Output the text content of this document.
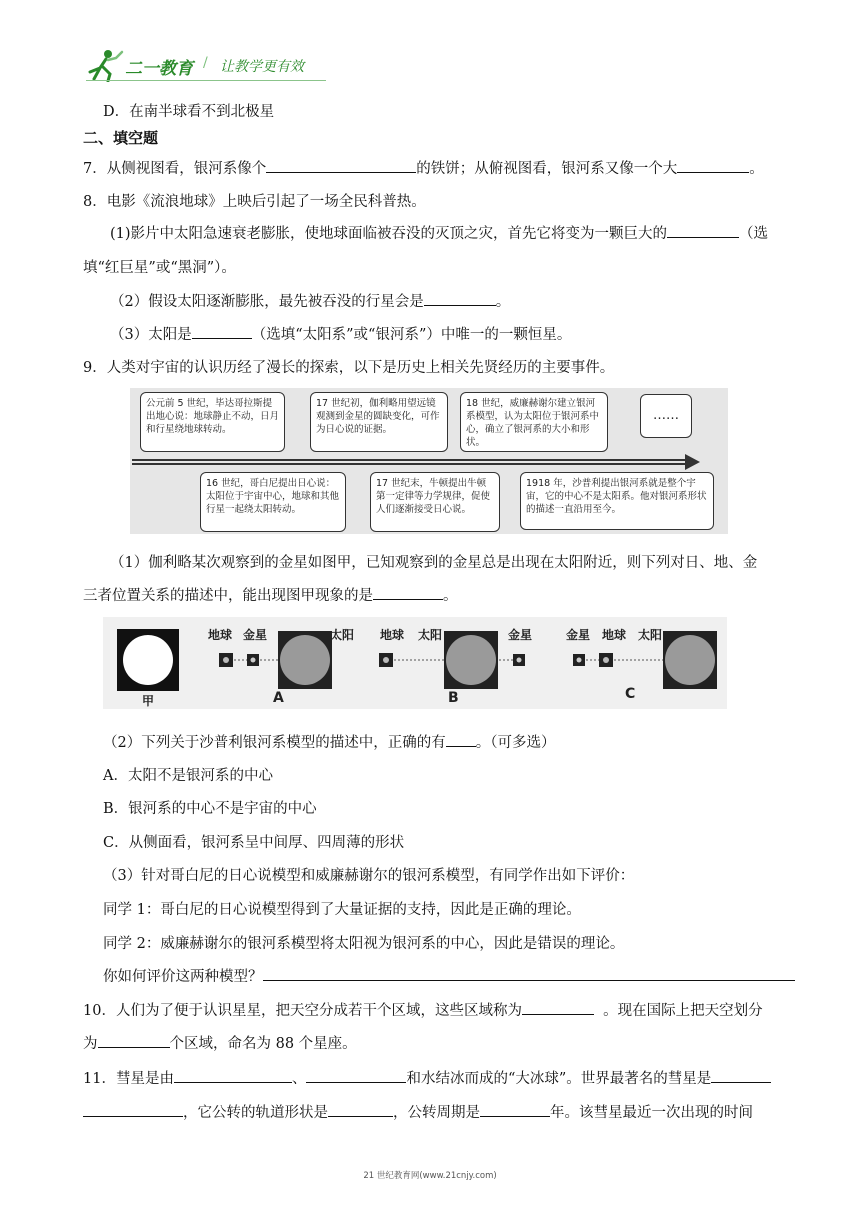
二一教育 / 让教学更有效
D．在南半球看不到北极星
二、填空题
7．从侧视图看，银河系像个	的铁饼；从俯视图看，银河系又像一个大	。
8．电影《流浪地球》上映后引起了一场全民科普热。
(1)影片中太阳急速衰老膨胀，使地球面临被吞没的灭顶之灾，首先它将变为一颗巨大的	（选
填“红巨星”或“黑洞”）。
（2）假设太阳逐渐膨胀，最先被吞没的行星会是	。
（3）太阳是	（选填“太阳系”或“银河系”）中唯一的一颗恒星。
9．人类对宇宙的认识历经了漫长的探索，以下是历史上相关先贤经历的主要事件。
公元前 5 世纪，毕达哥拉斯提出地心说：地球静止不动，日月和行星绕地球转动。
17 世纪初，伽利略用望远镜观测到金星的圆缺变化，可作为日心说的证据。
18 世纪，威廉赫谢尔建立银河系模型，认为太阳位于银河系中心，确立了银河系的大小和形状。
……
16 世纪，哥白尼提出日心说：太阳位于宇宙中心，地球和其他行星一起绕太阳转动。
17 世纪末，牛顿提出牛顿第一定律等力学规律，促使人们逐渐接受日心说。
1918 年，沙普利提出银河系就是整个宇宙，它的中心不是太阳系。他对银河系形状的描述一直沿用至今。
（1）伽利略某次观察到的金星如图甲，已知观察到的金星总是出现在太阳附近，则下列对日、地、金
三者位置关系的描述中，能出现图甲现象的是	。
甲
地球 金星	太阳
A
地球 太阳	金星
B
金星 地球 太阳
C
（2）下列关于沙普利银河系模型的描述中，正确的有 。（可多选）
A．太阳不是银河系的中心
B．银河系的中心不是宇宙的中心
C．从侧面看，银河系呈中间厚、四周薄的形状
（3）针对哥白尼的日心说模型和威廉赫谢尔的银河系模型，有同学作出如下评价：
同学 1：哥白尼的日心说模型得到了大量证据的支持，因此是正确的理论。
同学 2：威廉赫谢尔的银河系模型将太阳视为银河系的中心，因此是错误的理论。
你如何评价这两种模型？
10．人们为了便于认识星星，把天空分成若干个区域，这些区域称为	。现在国际上把天空划分
为	个区域，命名为 88 个星座。
11．彗星是由	、	和水结冰而成的“大冰球”。世界最著名的彗星是
，它公转的轨道形状是	，公转周期是	年。该彗星最近一次出现的时间
21 世纪教育网(www.21cnjy.com)
